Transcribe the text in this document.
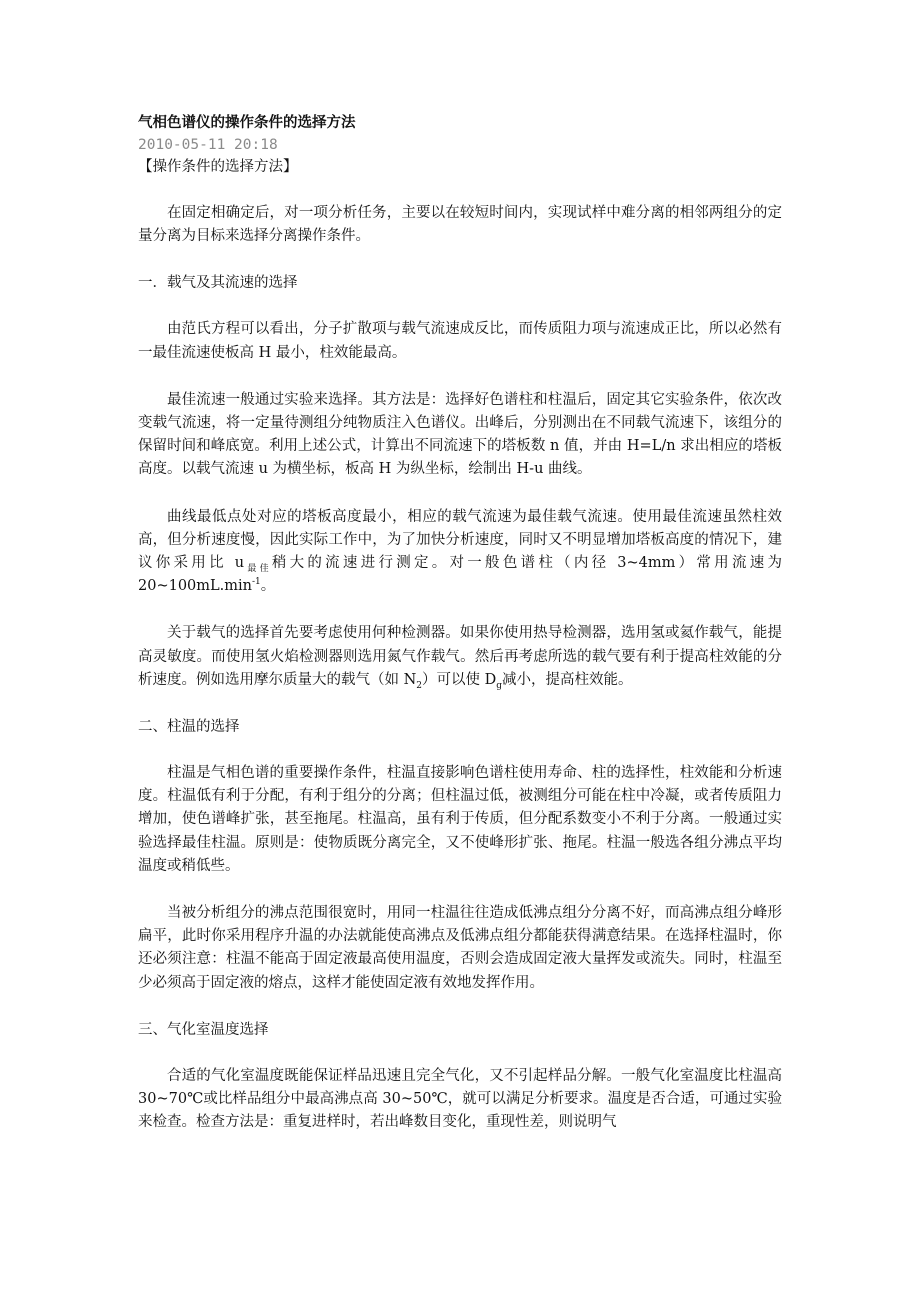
气相色谱仪的操作条件的选择方法

2010-05-11 20:18

【操作条件的选择方法】

在固定相确定后，对一项分析任务，主要以在较短时间内，实现试样中难分离的相邻两组分的定量分离为目标来选择分离操作条件。

一．载气及其流速的选择

由范氏方程可以看出，分子扩散项与载气流速成反比，而传质阻力项与流速成正比，所以必然有一最佳流速使板高 H 最小，柱效能最高。

最佳流速一般通过实验来选择。其方法是：选择好色谱柱和柱温后，固定其它实验条件，依次改变载气流速，将一定量待测组分纯物质注入色谱仪。出峰后，分别测出在不同载气流速下，该组分的保留时间和峰底宽。利用上述公式，计算出不同流速下的塔板数 n 值，并由 H=L/n 求出相应的塔板高度。以载气流速 u 为横坐标，板高 H 为纵坐标，绘制出 H-u 曲线。

曲线最低点处对应的塔板高度最小，相应的载气流速为最佳载气流速。使用最佳流速虽然柱效高，但分析速度慢，因此实际工作中，为了加快分析速度，同时又不明显增加塔板高度的情况下，建议你采用比 $u_{最佳}$稍大的流速进行测定。对一般色谱柱（内径 3~4mm）常用流速为 $20\sim 100mL.\min^{-1}$。

关于载气的选择首先要考虑使用何种检测器。如果你使用热导检测器，选用氢或氦作载气，能提高灵敏度。而使用氢火焰检测器则选用氮气作载气。然后再考虑所选的载气要有利于提高柱效能的分析速度。例如选用摩尔质量大的载气（如 $N_2$）可以使 $D_g$减小，提高柱效能。

二、柱温的选择

柱温是气相色谱的重要操作条件，柱温直接影响色谱柱使用寿命、柱的选择性，柱效能和分析速度。柱温低有利于分配，有利于组分的分离；但柱温过低，被测组分可能在柱中冷凝，或者传质阻力增加，使色谱峰扩张，甚至拖尾。柱温高，虽有利于传质，但分配系数变小不利于分离。一般通过实验选择最佳柱温。原则是：使物质既分离完全，又不使峰形扩张、拖尾。柱温一般选各组分沸点平均温度或稍低些。

当被分析组分的沸点范围很宽时，用同一柱温往往造成低沸点组分分离不好，而高沸点组分峰形扁平，此时你采用程序升温的办法就能使高沸点及低沸点组分都能获得满意结果。在选择柱温时，你还必须注意：柱温不能高于固定液最高使用温度，否则会造成固定液大量挥发或流失。同时，柱温至少必须高于固定液的熔点，这样才能使固定液有效地发挥作用。

三、气化室温度选择

合适的气化室温度既能保证样品迅速且完全气化，又不引起样品分解。一般气化室温度比柱温高 30~70℃或比样品组分中最高沸点高 30~50℃，就可以满足分析要求。温度是否合适，可通过实验来检查。检查方法是：重复进样时，若出峰数目变化，重现性差，则说明气
